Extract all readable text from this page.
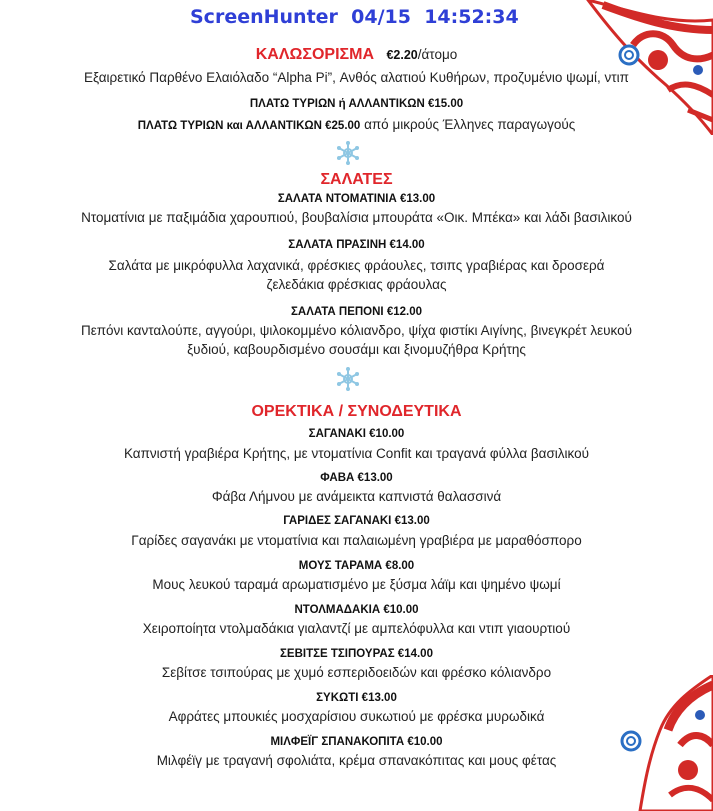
ScreenHunter  04/15  14:52:34
ΚΑΛΩΣΟΡΙΣΜΑ €2.20/άτομο
Εξαιρετικό Παρθένο Ελαιόλαδο “Alpha Pi”, Ανθός αλατιού Κυθήρων, προζυμένιο ψωμί, ντιπ
ΠΛΑΤΩ ΤΥΡΙΩΝ ή ΑΛΛΑΝΤΙΚΩΝ €15.00
ΠΛΑΤΩ ΤΥΡΙΩΝ και ΑΛΛΑΝΤΙΚΩΝ €25.00 από μικρούς Έλληνες παραγωγούς
ΣΑΛΑΤΕΣ
ΣΑΛΑΤΑ ΝΤΟΜΑΤΙΝΙΑ €13.00
Ντοματίνια με παξιμάδια χαρουπιού, βουβαλίσια μπουράτα «Οικ. Μπέκα» και λάδι βασιλικού
ΣΑΛΑΤΑ ΠΡΑΣΙΝΗ €14.00
Σαλάτα με μικρόφυλλα λαχανικά, φρέσκιες φράουλες, τσιπς γραβιέρας και δροσερά
ζελεδάκια φρέσκιας φράουλας
ΣΑΛΑΤΑ ΠΕΠΟΝΙ €12.00
Πεπόνι κανταλούπε, αγγούρι, ψιλοκομμένο κόλιανδρο, ψίχα φιστίκι Αιγίνης, βινεγκρέτ λευκού
ξυδιού, καβουρδισμένο σουσάμι και ξινομυζήθρα Κρήτης
ΟΡΕΚΤΙΚΑ / ΣΥΝΟΔΕΥΤΙΚΑ
ΣΑΓΑΝΑΚΙ €10.00
Καπνιστή γραβιέρα Κρήτης, με ντοματίνια Confit και τραγανά φύλλα βασιλικού
ΦΑΒΑ €13.00
Φάβα Λήμνου με ανάμεικτα καπνιστά θαλασσινά
ΓΑΡΙΔΕΣ ΣΑΓΑΝΑΚΙ €13.00
Γαρίδες σαγανάκι με ντοματίνια και παλαιωμένη γραβιέρα με μαραθόσπορο
ΜΟΥΣ ΤΑΡΑΜΑ €8.00
Μους λευκού ταραμά αρωματισμένο με ξύσμα λάϊμ και ψημένο ψωμί
ΝΤΟΛΜΑΔΑΚΙΑ €10.00
Χειροποίητα ντολμαδάκια γιαλαντζί με αμπελόφυλλα και ντιπ γιαουρτιού
ΣΕΒΙΤΣΕ ΤΣΙΠΟΥΡΑΣ €14.00
Σεβίτσε τσιπούρας με χυμό εσπεριδοειδών και φρέσκο κόλιανδρο
ΣΥΚΩΤΙ €13.00
Αφράτες μπουκιές μοσχαρίσιου συκωτιού με φρέσκα μυρωδικά
ΜΙΛΦΕΪΓ ΣΠΑΝΑΚΟΠΙΤΑ €10.00
Μιλφέϊγ με τραγανή σφολιάτα, κρέμα σπανακόπιτας και μους φέτας
